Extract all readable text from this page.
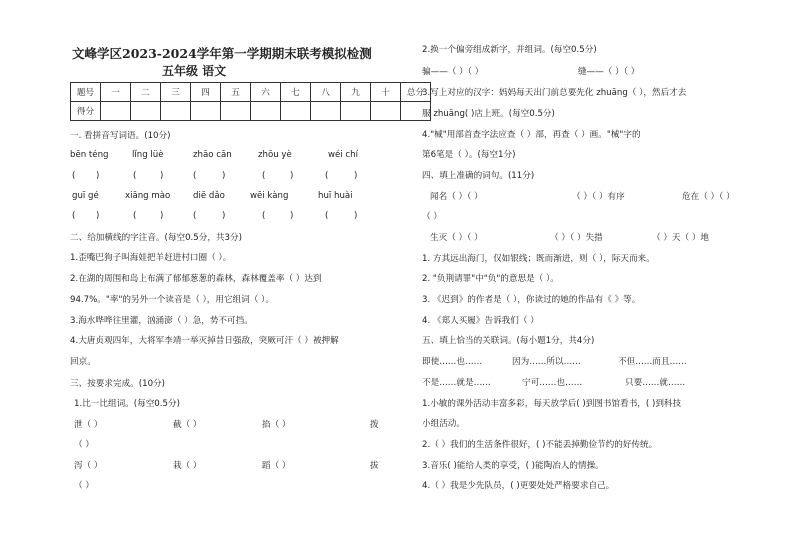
文峰学区2023-2024学年第一学期期末联考模拟检测
五年级 语文
题号	一	二	三	四	五	六	七	八	九	十	总分
得分											
一. 看拼音写词语。(10分)
bēn téng	lǐng lüè	zhāo cān	zhōu yè	wéi chí
( )	(	)	(	)	(	)	(	)
guī gé	xiāng mào	diē dǎo	wēi kàng	huī huài
( )	(	)	(	)	(	)	(	)
二、给加横线的字注音。(每空0.5分，共3分)
1.歪嘴巴狗子叫海娃把羊赶进村口圈（ ）。
2.在湖的周围和岛上布满了郁郁葱葱的森林，森林覆盖率（ ）达到
94.7%。"率"的另外一个读音是（ ），用它组词（ ）。
3.海水哗哗往里灌，汹涌澎（ ）急，势不可挡。
4.大唐贞观四年，大将军李靖一举灭掉昔日强敌，突厥可汗（ ）被押解
回京。
三、按要求完成。(10分)
1.比一比组词。(每空0.5分)
泄（ ）	截（ ）	掐（ ）	拨
（ ）
泻（ ）	栽（ ）	蹈（ ）	拔
（ ）
2.换一个偏旁组成新字，并组词。(每空0.5分)
骗——（ ）（ ）	缝——（ ）（ ）
3.写上对应的汉字：妈妈每天出门前总要先化 zhuāng（ ），然后才去
服 zhuāng( )店上班。(每空0.5分)
4."械"用部首查字法应查（ ）部，再查（ ）画。"械"字的
第6笔是（ ）。(每空1分)
四、填上准确的词句。(11分)
闻名（ ）（ ）	（ ）（ ）有序	危在（ ）（ ）
（ ）
生灭（ ）（ ）	（ ）（ ）失措	（ ）天（ ）地
1. 方其远出海门，仅如银线；既而渐进，则（ ），际天而来。
2. "负荆请罪"中"负"的意思是（ ）。
3. 《迟到》的作者是（ ），你读过的她的作品有《 》等。
4. 《郑人买履》告诉我们（ ）
五、填上恰当的关联词。(每小题1分，共4分)
即使……也……	因为……所以……	不但……而且……
不是……就是……	宁可……也……	只要……就……
1.小敏的课外活动丰富多彩，每天放学后( )到图书馆看书，( )到科技
小组活动。
2.（ ）我们的生活条件很好，( )不能丢掉勤俭节约的好传统。
3.音乐( )能给人类的享受，( )能陶冶人的情操。
4.（ ）我是少先队员，( )更要处处严格要求自己。
